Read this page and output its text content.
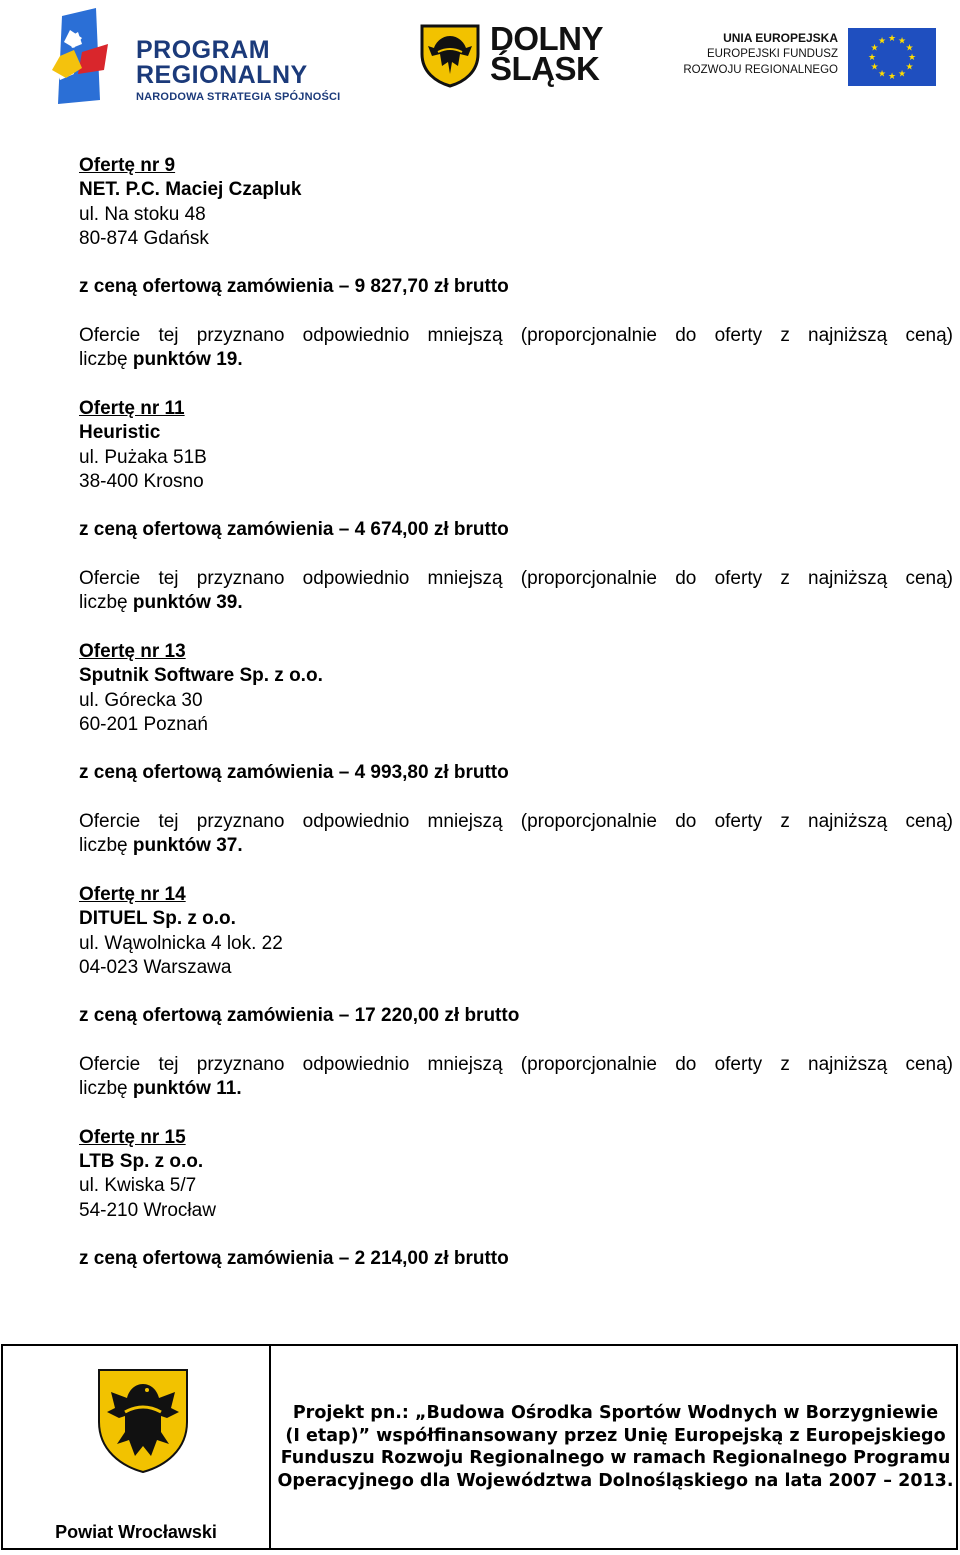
PROGRAM
REGIONALNY
NARODOWA STRATEGIA SPÓJNOŚCI
DOLNY
ŚLĄSK
UNIA EUROPEJSKA
EUROPEJSKI FUNDUSZ
ROZWOJU REGIONALNEGO
★ ★
★
★
★
★
★
★
★
★
★
★
Ofertę nr 9
NET. P.C. Maciej Czapluk
ul. Na stoku 48
80-874 Gdańsk
z ceną ofertową zamówienia – 9 827,70 zł brutto
Ofercie tej przyznano odpowiednio mniejszą (proporcjonalnie do oferty z najniższą ceną)
liczbę punktów 19.
Ofertę nr 11
Heuristic
ul. Pużaka 51B
38-400 Krosno
z ceną ofertową zamówienia – 4 674,00 zł brutto
Ofercie tej przyznano odpowiednio mniejszą (proporcjonalnie do oferty z najniższą ceną)
liczbę punktów 39.
Ofertę nr 13
Sputnik Software Sp. z o.o.
ul. Górecka 30
60-201 Poznań
z ceną ofertową zamówienia – 4 993,80 zł brutto
Ofercie tej przyznano odpowiednio mniejszą (proporcjonalnie do oferty z najniższą ceną)
liczbę punktów 37.
Ofertę nr 14
DITUEL Sp. z o.o.
ul. Wąwolnicka 4 lok. 22
04-023 Warszawa
z ceną ofertową zamówienia – 17 220,00 zł brutto
Ofercie tej przyznano odpowiednio mniejszą (proporcjonalnie do oferty z najniższą ceną)
liczbę punktów 11.
Ofertę nr 15
LTB Sp. z o.o.
ul. Kwiska 5/7
54-210 Wrocław
z ceną ofertową zamówienia – 2 214,00 zł brutto
Powiat Wrocławski
Projekt pn.: „Budowa Ośrodka Sportów Wodnych w Borzygniewie
(I etap)” współfinansowany przez Unię Europejską z Europejskiego
Funduszu Rozwoju Regionalnego w ramach Regionalnego Programu
Operacyjnego dla Województwa Dolnośląskiego na lata 2007 – 2013.
